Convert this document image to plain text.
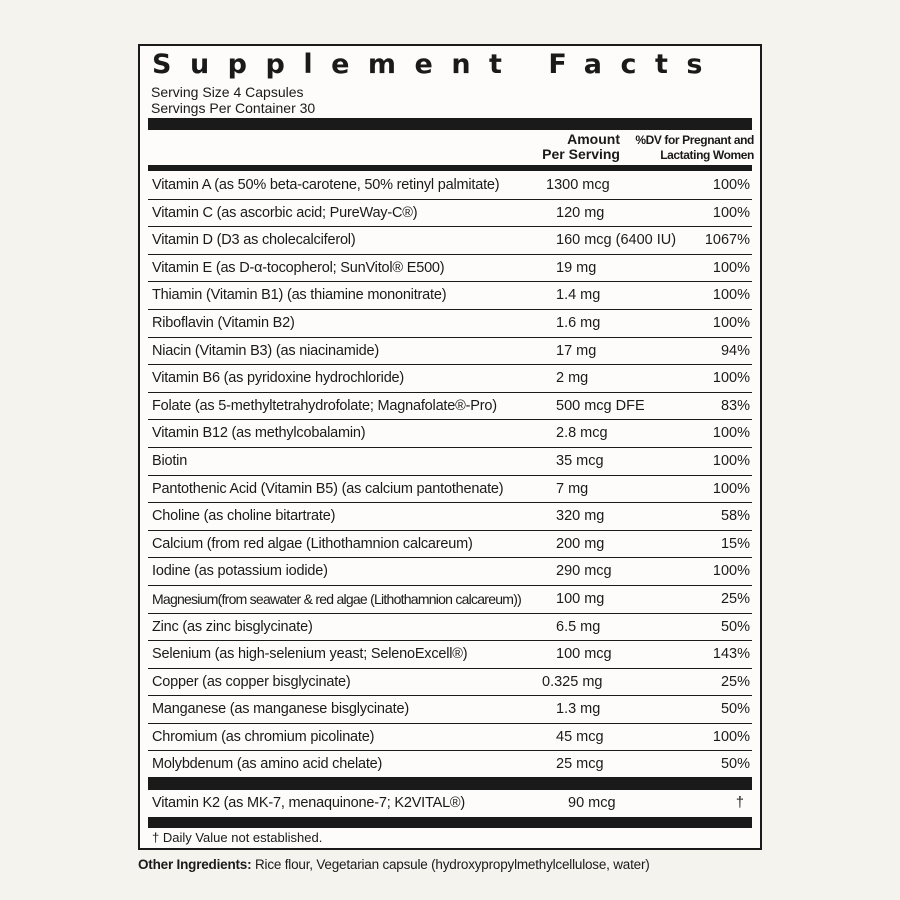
Supplement Facts
Serving Size 4 Capsules
Servings Per Container 30
Amount
Per Serving
%DV for Pregnant and
Lactating Women
Vitamin A (as 50% beta-carotene, 50% retinyl palmitate)	1300 mcg	100%
Vitamin C (as ascorbic acid; PureWay-C®)	120 mg	100%
Vitamin D (D3 as cholecalciferol)	160 mcg (6400 IU) 1067%
Vitamin E (as D-α-tocopherol; SunVitol® E500)	19 mg	100%
Thiamin (Vitamin B1) (as thiamine mononitrate)	1.4 mg	100%
Riboflavin (Vitamin B2)	1.6 mg	100%
Niacin (Vitamin B3) (as niacinamide)	17 mg	94%
Vitamin B6 (as pyridoxine hydrochloride)	2 mg	100%
Folate (as 5-methyltetrahydrofolate; Magnafolate®-Pro)	500 mcg DFE	83%
Vitamin B12 (as methylcobalamin)	2.8 mcg	100%
Biotin	35 mcg	100%
Pantothenic Acid (Vitamin B5) (as calcium pantothenate)	7 mg	100%
Choline (as choline bitartrate)	320 mg	58%
Calcium (from red algae (Lithothamnion calcareum)	200 mg	15%
Iodine (as potassium iodide)	290 mcg	100%
Magnesium(from seawater & red algae (Lithothamnion calcareum)) 100 mg	25%
Zinc (as zinc bisglycinate)	6.5 mg	50%
Selenium (as high-selenium yeast; SelenoExcell®)	100 mcg	143%
Copper (as copper bisglycinate)	0.325 mg	25%
Manganese (as manganese bisglycinate)	1.3 mg	50%
Chromium (as chromium picolinate)	45 mcg	100%
Molybdenum (as amino acid chelate)	25 mcg	50%
Vitamin K2 (as MK-7, menaquinone-7; K2VITAL®)	90 mcg	†
† Daily Value not established.
Other Ingredients: Rice flour, Vegetarian capsule (hydroxypropylmethylcellulose, water)
